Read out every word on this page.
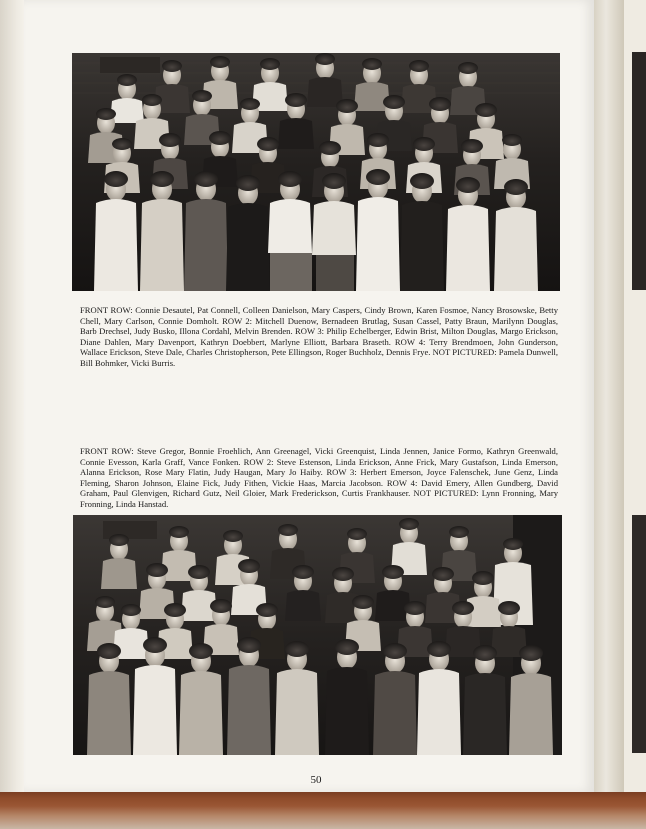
FRONT ROW: Connie Desautel, Pat Connell, Colleen Danielson, Mary Caspers, Cindy Brown, Karen Fosmoe, Nancy Brosowske, Betty Chell, Mary Carlson, Connie Domholt. ROW 2: Mitchell Duenow, Bernadeen Brutlag, Susan Cassel, Patty Braun, Marilynn Douglas, Barb Drechsel, Judy Busko, Illona Cordahl, Melvin Brenden. ROW 3: Philip Echelberger, Edwin Brist, Milton Douglas, Margo Erickson, Diane Dahlen, Mary Davenport, Kathryn Doebbert, Marlyne Elliott, Barbara Braseth. ROW 4: Terry Brendmoen, John Gunderson, Wallace Erickson, Steve Dale, Charles Christopherson, Pete Ellingson, Roger Buchholz, Dennis Frye. NOT PICTURED: Pamela Dunwell, Bill Bohmker, Vicki Burris.

FRONT ROW: Steve Gregor, Bonnie Froehlich, Ann Greenagel, Vicki Greenquist, Linda Jennen, Janice Formo, Kathryn Greenwald, Connie Evesson, Karla Graff, Vance Fonken. ROW 2: Steve Estenson, Linda Erickson, Anne Frick, Mary Gustafson, Linda Emerson, Alanna Erickson, Rose Mary Flatin, Judy Haugan, Mary Jo Haiby. ROW 3: Herbert Emerson, Joyce Falenschek, June Genz, Linda Fleming, Sharon Johnson, Elaine Fick, Judy Fithen, Vickie Haas, Marcia Jacobson. ROW 4: David Emery, Allen Gundberg, David Graham, Paul Glenvigen, Richard Gutz, Neil Gloier, Mark Frederickson, Curtis Frankhauser. NOT PICTURED: Lynn Fronning, Mary Fronning, Linda Hanstad.

50
